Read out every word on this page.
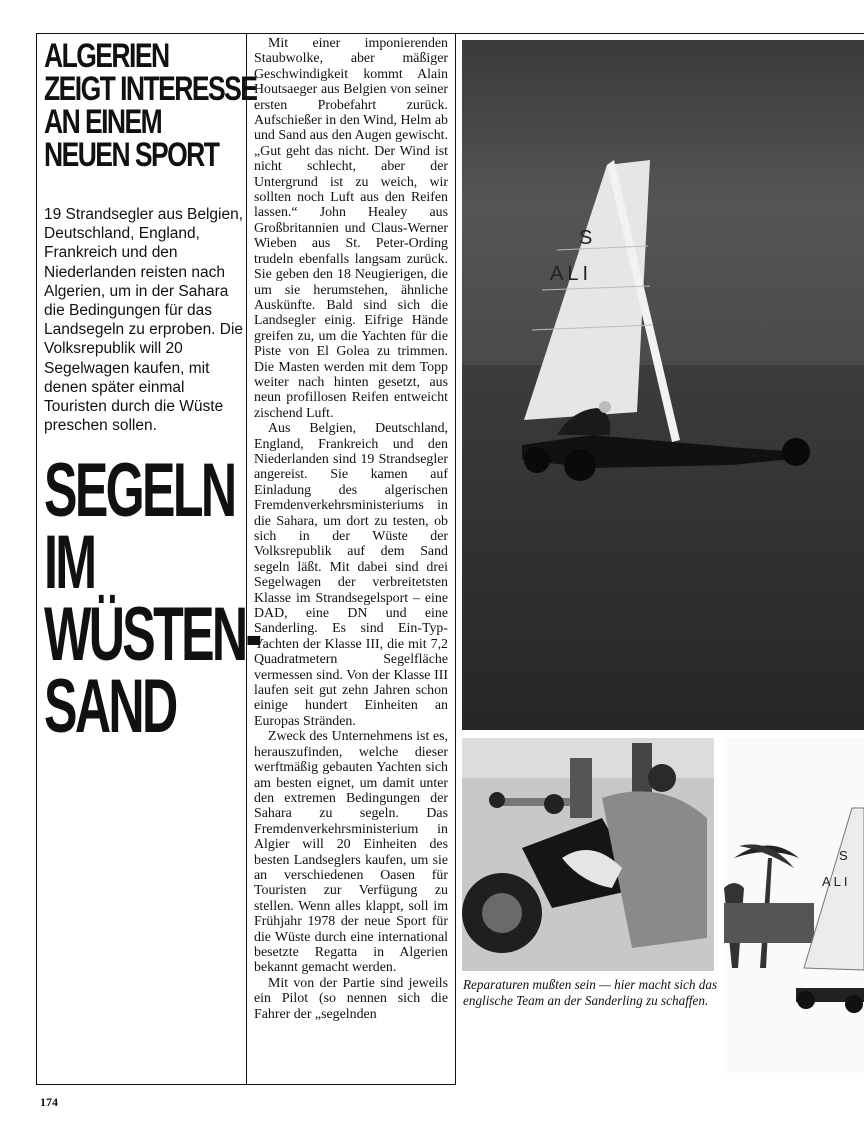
ALGERIEN
ZEIGT INTERESSE
AN EINEM
NEUEN SPORT
19 Strandsegler aus Belgien, Deutschland, England, Frankreich und den Niederlanden reisten nach Algerien, um in der Sahara die Bedingungen für das Landsegeln zu erproben. Die Volksrepublik will 20 Segelwagen kaufen, mit denen später einmal Touristen durch die Wüste preschen sollen.
SEGELN
IM
WÜSTEN-
SAND

Mit einer imponierenden Staubwolke, aber mäßiger Geschwindigkeit kommt Alain Houtsaeger aus Belgien von seiner ersten Probefahrt zurück. Aufschießer in den Wind, Helm ab und Sand aus den Augen gewischt. „Gut geht das nicht. Der Wind ist nicht schlecht, aber der Untergrund ist zu weich, wir sollten noch Luft aus den Reifen lassen.“ John Healey aus Großbritannien und Claus-Werner Wieben aus St. Peter-Ording trudeln ebenfalls langsam zurück. Sie geben den 18 Neugierigen, die um sie herumstehen, ähnliche Auskünfte. Bald sind sich die Landsegler einig. Eifrige Hände greifen zu, um die Yachten für die Piste von El Golea zu trimmen. Die Masten werden mit dem Topp weiter nach hinten gesetzt, aus neun profillosen Reifen entweicht zischend Luft.

Aus Belgien, Deutschland, England, Frankreich und den Niederlanden sind 19 Strandsegler angereist. Sie kamen auf Einladung des algerischen Fremdenverkehrsministeriums in die Sahara, um dort zu testen, ob sich in der Wüste der Volksrepublik auf dem Sand segeln läßt. Mit dabei sind drei Segelwagen der verbreitetsten Klasse im Strandsegelsport – eine DAD, eine DN und eine Sanderling. Es sind Ein-Typ-Yachten der Klasse III, die mit 7,2 Quadratmetern Segelfläche vermessen sind. Von der Klasse III laufen seit gut zehn Jahren schon einige hundert Einheiten an Europas Stränden.

Zweck des Unternehmens ist es, herauszufinden, welche dieser werftmäßig gebauten Yachten sich am besten eignet, um damit unter den extremen Bedingungen der Sahara zu segeln. Das Fremdenverkehrsministerium in Algier will 20 Einheiten des besten Landseglers kaufen, um sie an verschiedenen Oasen für Touristen zur Verfügung zu stellen. Wenn alles klappt, soll im Frühjahr 1978 der neue Sport für die Wüste durch eine international besetzte Regatta in Algerien bekannt gemacht werden.

Mit von der Partie sind jeweils ein Pilot (so nennen sich die Fahrer der „segelnden

S
ALI
S
ALI
Reparaturen mußten sein — hier macht sich das englische Team an der Sanderling zu schaffen.
174
